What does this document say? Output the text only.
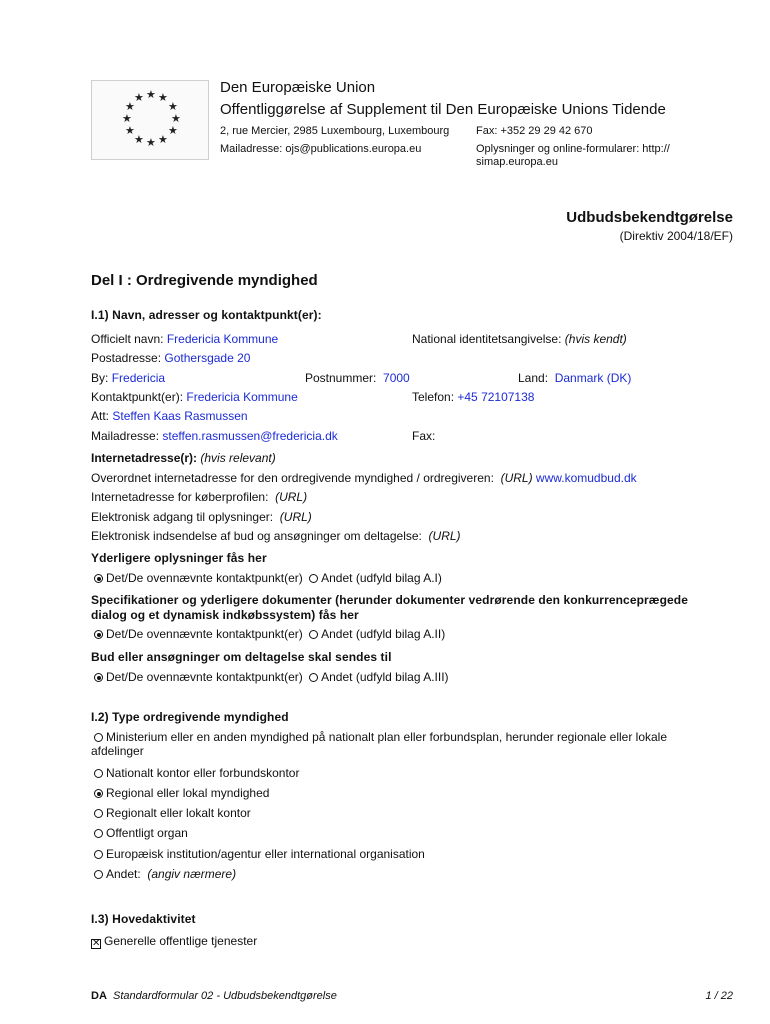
★
★ ★
★	★
★	★
★	★
★ ★
★
Den Europæiske Union
Offentliggørelse af Supplement til Den Europæiske Unions Tidende
2, rue Mercier, 2985 Luxembourg, Luxembourg Fax: +352 29 29 42 670
Mailadresse: ojs@publications.europa.eu	Oplysninger og online-formularer: http://
simap.europa.eu
Udbudsbekendtgørelse
(Direktiv 2004/18/EF)
Del I : Ordregivende myndighed
I.1) Navn, adresser og kontaktpunkt(er):
Officielt navn: Fredericia Kommune	National identitetsangivelse: (hvis kendt)
Postadresse: Gothersgade 20
By: Fredericia	Postnummer: 7000	Land: Danmark (DK)
Kontaktpunkt(er): Fredericia Kommune	Telefon: +45 72107138
Att: Steffen Kaas Rasmussen
Mailadresse: steffen.rasmussen@fredericia.dk	Fax:
Internetadresse(r): (hvis relevant)
Overordnet internetadresse for den ordregivende myndighed / ordregiveren: (URL) www.komudbud.dk
Internetadresse for køberprofilen: (URL)
Elektronisk adgang til oplysninger: (URL)
Elektronisk indsendelse af bud og ansøgninger om deltagelse: (URL)
Yderligere oplysninger fås her
Det/De ovennævnte kontaktpunkt(er) Andet (udfyld bilag A.I)
Specifikationer og yderligere dokumenter (herunder dokumenter vedrørende den konkurrenceprægede
dialog og et dynamisk indkøbssystem) fås her
Det/De ovennævnte kontaktpunkt(er) Andet (udfyld bilag A.II)
Bud eller ansøgninger om deltagelse skal sendes til
Det/De ovennævnte kontaktpunkt(er) Andet (udfyld bilag A.III)
I.2) Type ordregivende myndighed
Ministerium eller en anden myndighed på nationalt plan eller forbundsplan, herunder regionale eller lokale
afdelinger
Nationalt kontor eller forbundskontor
Regional eller lokal myndighed
Regionalt eller lokalt kontor
Offentligt organ
Europæisk institution/agentur eller international organisation
Andet: (angiv nærmere)
I.3) Hovedaktivitet
✕ Generelle offentlige tjenester
DA Standardformular 02 - Udbudsbekendtgørelse	1 / 22
